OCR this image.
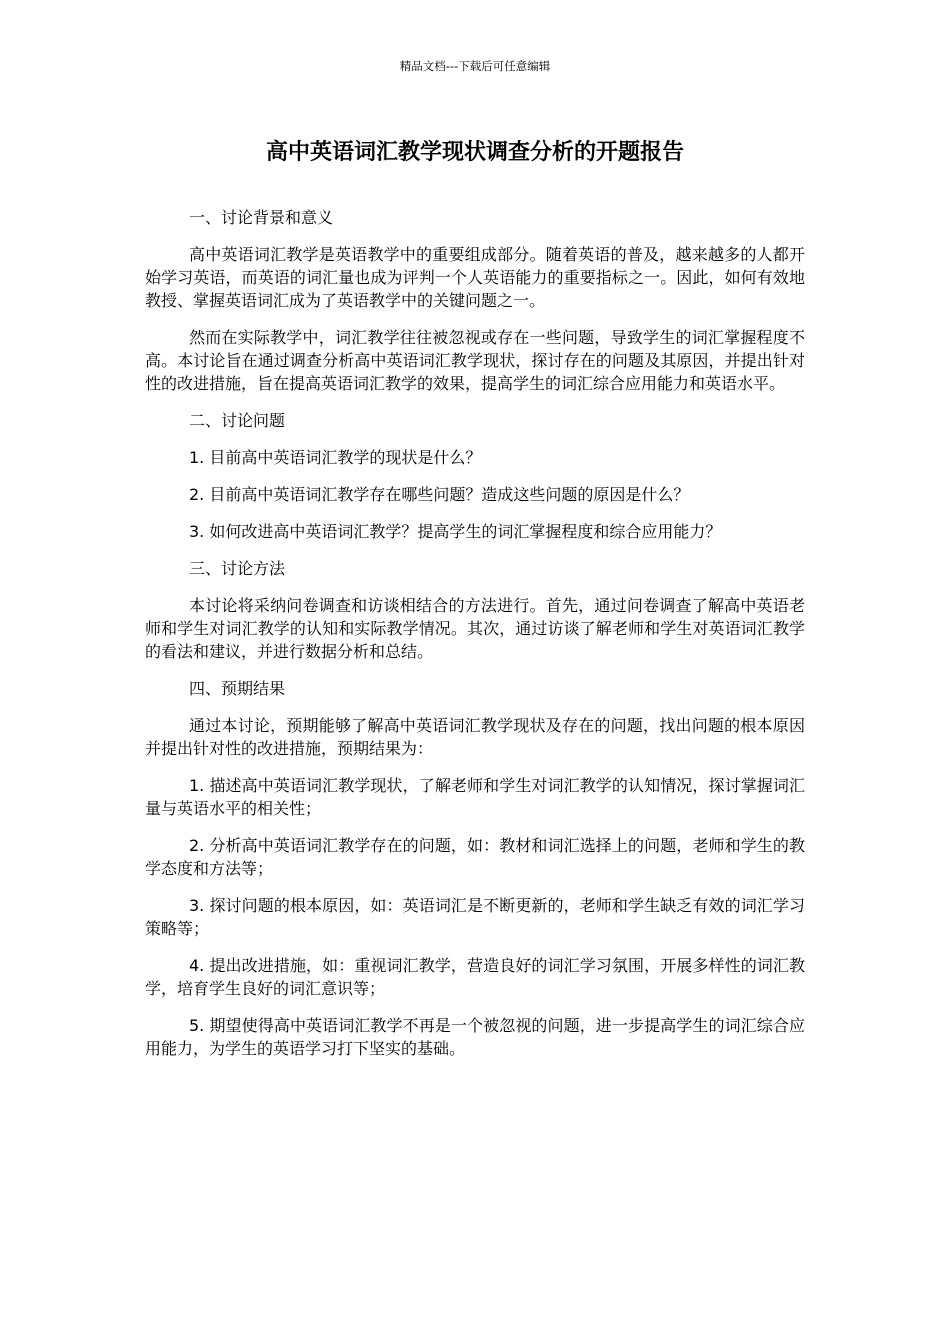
精品文档---下载后可任意编辑
高中英语词汇教学现状调查分析的开题报告

一、讨论背景和意义

高中英语词汇教学是英语教学中的重要组成部分。随着英语的普及，越来越多的人都开始学习英语，而英语的词汇量也成为评判一个人英语能力的重要指标之一。因此，如何有效地教授、掌握英语词汇成为了英语教学中的关键问题之一。

然而在实际教学中，词汇教学往往被忽视或存在一些问题，导致学生的词汇掌握程度不高。本讨论旨在通过调查分析高中英语词汇教学现状，探讨存在的问题及其原因，并提出针对性的改进措施，旨在提高英语词汇教学的效果，提高学生的词汇综合应用能力和英语水平。

二、讨论问题

1. 目前高中英语词汇教学的现状是什么？

2. 目前高中英语词汇教学存在哪些问题？造成这些问题的原因是什么？

3. 如何改进高中英语词汇教学？提高学生的词汇掌握程度和综合应用能力？

三、讨论方法

本讨论将采纳问卷调查和访谈相结合的方法进行。首先，通过问卷调查了解高中英语老师和学生对词汇教学的认知和实际教学情况。其次，通过访谈了解老师和学生对英语词汇教学的看法和建议，并进行数据分析和总结。

四、预期结果

通过本讨论，预期能够了解高中英语词汇教学现状及存在的问题，找出问题的根本原因并提出针对性的改进措施，预期结果为：

1. 描述高中英语词汇教学现状，了解老师和学生对词汇教学的认知情况，探讨掌握词汇量与英语水平的相关性；

2. 分析高中英语词汇教学存在的问题，如：教材和词汇选择上的问题，老师和学生的教学态度和方法等；

3. 探讨问题的根本原因，如：英语词汇是不断更新的，老师和学生缺乏有效的词汇学习策略等；

4. 提出改进措施，如：重视词汇教学，营造良好的词汇学习氛围，开展多样性的词汇教学，培育学生良好的词汇意识等；

5. 期望使得高中英语词汇教学不再是一个被忽视的问题，进一步提高学生的词汇综合应用能力，为学生的英语学习打下坚实的基础。
